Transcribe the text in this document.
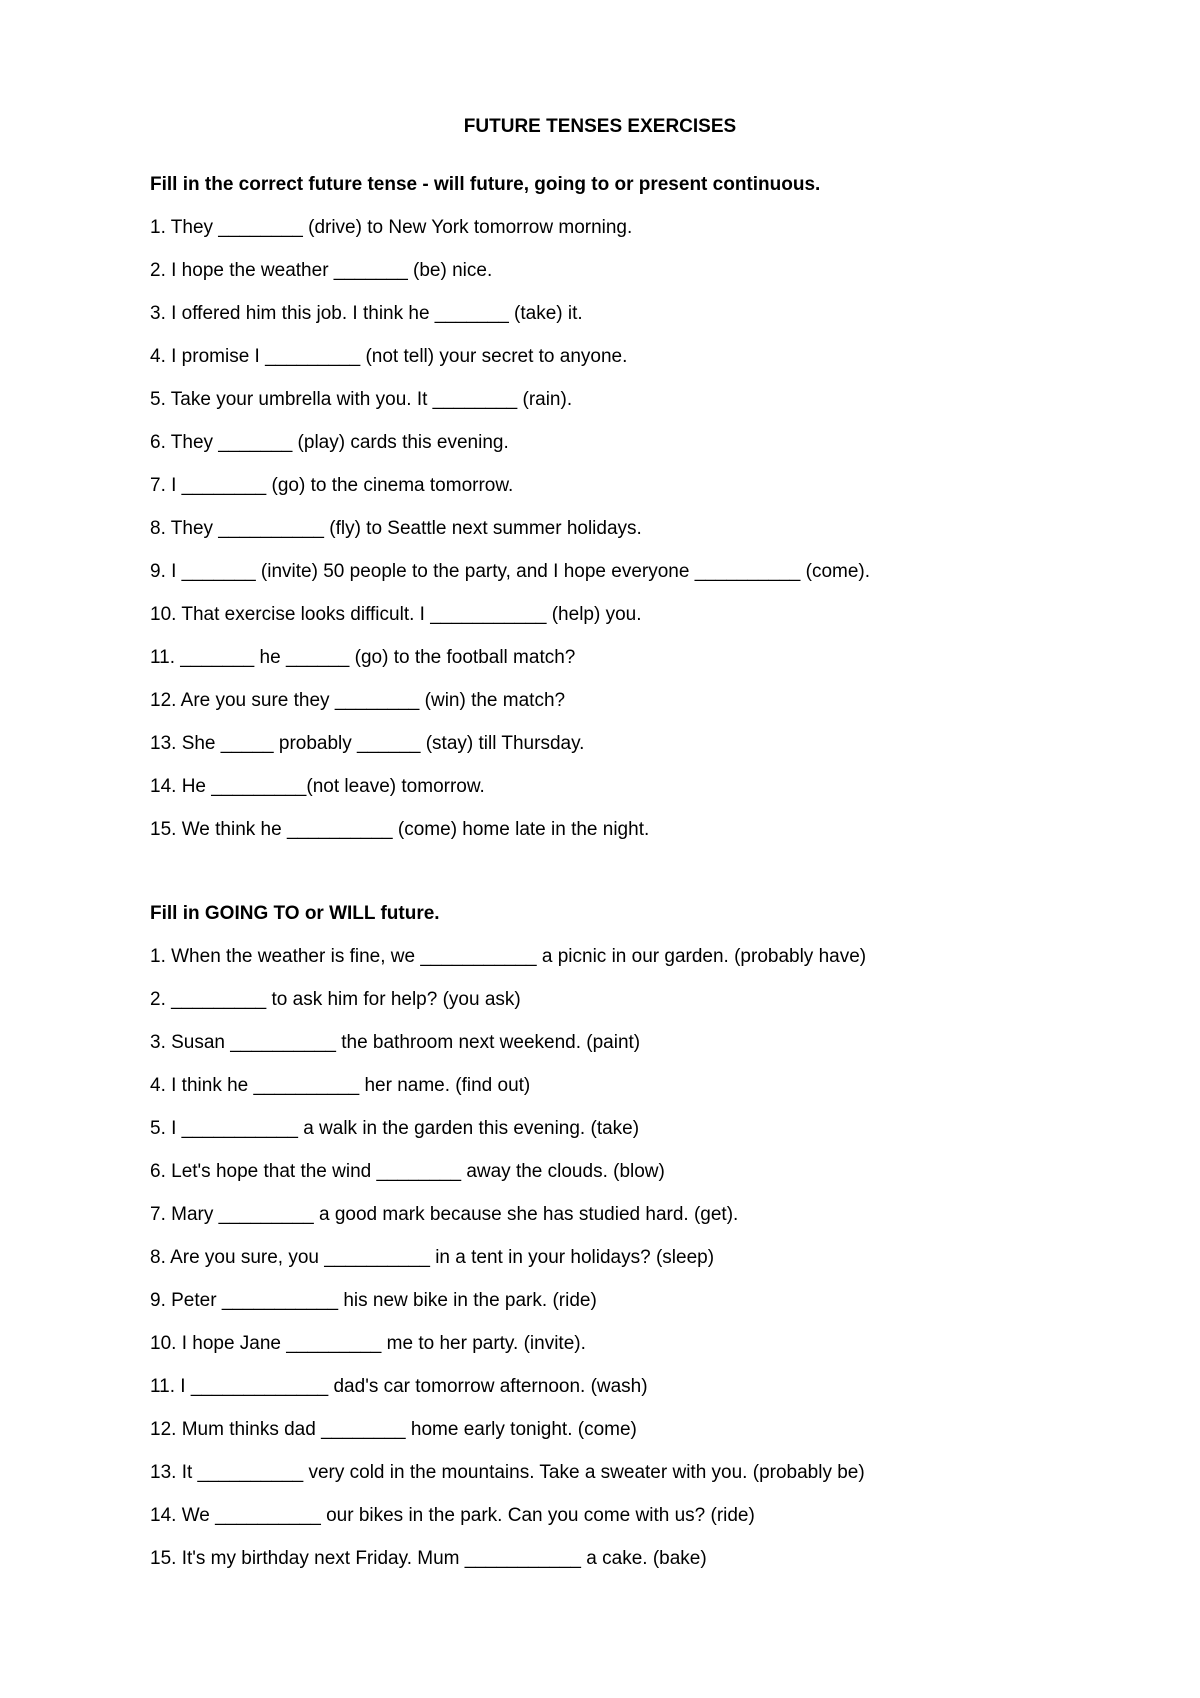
FUTURE TENSES EXERCISES

Fill in the correct future tense - will future, going to or present continuous.

1. They ________ (drive) to New York tomorrow morning.
2. I hope the weather _______ (be) nice.
3. I offered him this job. I think he _______ (take) it.
4. I promise I _________ (not tell) your secret to anyone.
5. Take your umbrella with you. It ________ (rain).
6. They _______ (play) cards this evening.
7. I ________ (go) to the cinema tomorrow.
8. They __________ (fly) to Seattle next summer holidays.
9. I _______ (invite) 50 people to the party, and I hope everyone __________ (come).
10. That exercise looks difficult. I ___________ (help) you.
11. _______ he ______ (go) to the football match?
12. Are you sure they ________ (win) the match?
13. She _____ probably ______ (stay) till Thursday.
14. He _________(not leave) tomorrow.
15. We think he __________ (come) home late in the night.

Fill in GOING TO or WILL future.

1. When the weather is fine, we ___________ a picnic in our garden. (probably have)
2. _________ to ask him for help? (you ask)
3. Susan __________ the bathroom next weekend. (paint)
4. I think he __________ her name. (find out)
5. I ___________ a walk in the garden this evening. (take)
6. Let's hope that the wind ________ away the clouds. (blow)
7. Mary _________ a good mark because she has studied hard. (get).
8. Are you sure, you __________ in a tent in your holidays? (sleep)
9. Peter ___________ his new bike in the park. (ride)
10. I hope Jane _________ me to her party. (invite).
11. I _____________ dad's car tomorrow afternoon. (wash)
12. Mum thinks dad ________ home early tonight. (come)
13. It __________ very cold in the mountains. Take a sweater with you. (probably be)
14. We __________ our bikes in the park. Can you come with us? (ride)
15. It's my birthday next Friday. Mum ___________ a cake. (bake)
